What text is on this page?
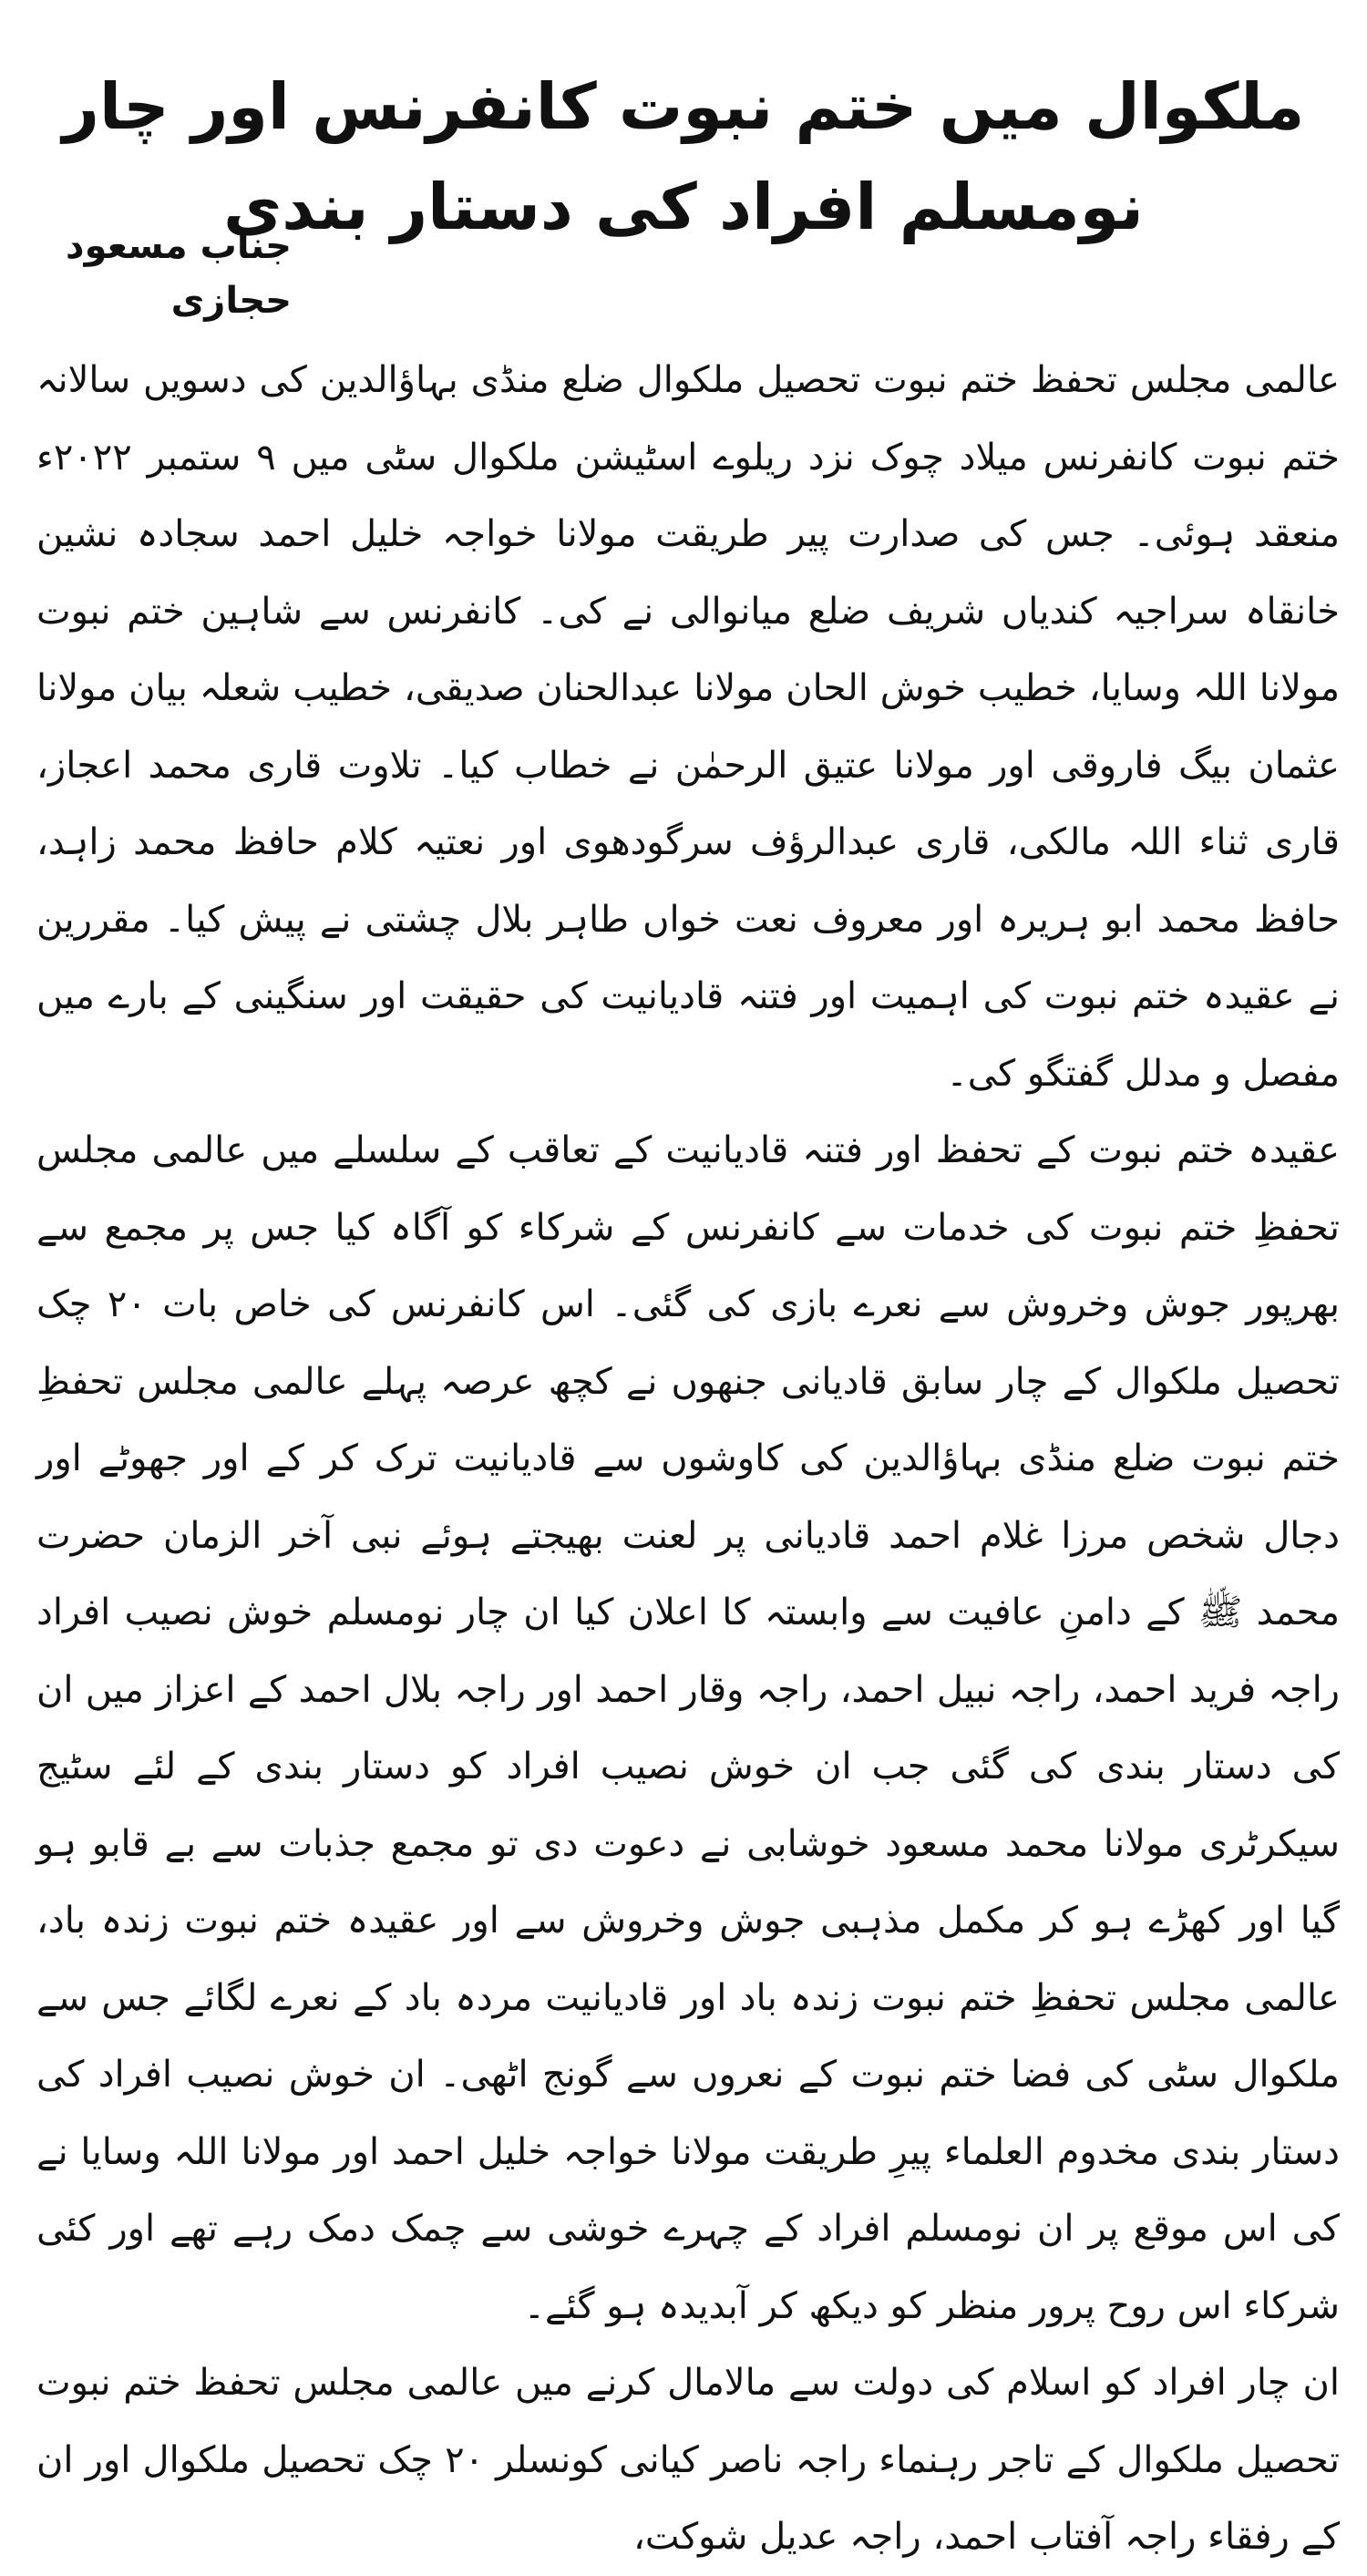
ملکوال میں ختم نبوت کانفرنس اور چار نومسلم افراد کی دستار بندی
جناب مسعود حجازی

عالمی مجلس تحفظ ختم نبوت تحصیل ملکوال ضلع منڈی بہاؤالدین کی دسویں سالانہ ختم نبوت کانفرنس میلاد چوک نزد ریلوے اسٹیشن ملکوال سٹی میں ۹ ستمبر ۲۰۲۲ء منعقد ہوئی۔ جس کی صدارت پیر طریقت مولانا خواجہ خلیل احمد سجادہ نشین خانقاہ سراجیہ کندیاں شریف ضلع میانوالی نے کی۔ کانفرنس سے شاہین ختم نبوت مولانا اللہ وسایا، خطیب خوش الحان مولانا عبدالحنان صدیقی، خطیب شعلہ بیان مولانا عثمان بیگ فاروقی اور مولانا عتیق الرحمٰن نے خطاب کیا۔ تلاوت قاری محمد اعجاز، قاری ثناء اللہ مالکی، قاری عبدالرؤف سرگودھوی اور نعتیہ کلام حافظ محمد زاہد، حافظ محمد ابو ہریرہ اور معروف نعت خواں طاہر بلال چشتی نے پیش کیا۔ مقررین نے عقیدہ ختم نبوت کی اہمیت اور فتنہ قادیانیت کی حقیقت اور سنگینی کے بارے میں مفصل و مدلل گفتگو کی۔

عقیدہ ختم نبوت کے تحفظ اور فتنہ قادیانیت کے تعاقب کے سلسلے میں عالمی مجلس تحفظِ ختم نبوت کی خدمات سے کانفرنس کے شرکاء کو آگاہ کیا جس پر مجمع سے بھرپور جوش وخروش سے نعرے بازی کی گئی۔ اس کانفرنس کی خاص بات ۲۰ چک تحصیل ملکوال کے چار سابق قادیانی جنھوں نے کچھ عرصہ پہلے عالمی مجلس تحفظِ ختم نبوت ضلع منڈی بہاؤالدین کی کاوشوں سے قادیانیت ترک کر کے اور جھوٹے اور دجال شخص مرزا غلام احمد قادیانی پر لعنت بھیجتے ہوئے نبی آخر الزمان حضرت محمد ﷺ کے دامنِ عافیت سے وابستہ کا اعلان کیا ان چار نومسلم خوش نصیب افراد راجہ فرید احمد، راجہ نبیل احمد، راجہ وقار احمد اور راجہ بلال احمد کے اعزاز میں ان کی دستار بندی کی گئی جب ان خوش نصیب افراد کو دستار بندی کے لئے سٹیج سیکرٹری مولانا محمد مسعود خوشابی نے دعوت دی تو مجمع جذبات سے بے قابو ہو گیا اور کھڑے ہو کر مکمل مذہبی جوش وخروش سے اور عقیدہ ختم نبوت زندہ باد، عالمی مجلس تحفظِ ختم نبوت زندہ باد اور قادیانیت مردہ باد کے نعرے لگائے جس سے ملکوال سٹی کی فضا ختم نبوت کے نعروں سے گونج اٹھی۔ ان خوش نصیب افراد کی دستار بندی مخدوم العلماء پیرِ طریقت مولانا خواجہ خلیل احمد اور مولانا اللہ وسایا نے کی اس موقع پر ان نومسلم افراد کے چہرے خوشی سے چمک دمک رہے تھے اور کئی شرکاء اس روح پرور منظر کو دیکھ کر آبدیدہ ہو گئے۔

ان چار افراد کو اسلام کی دولت سے مالامال کرنے میں عالمی مجلس تحفظ ختم نبوت تحصیل ملکوال کے تاجر رہنماء راجہ ناصر کیانی کونسلر ۲۰ چک تحصیل ملکوال اور ان کے رفقاء راجہ آفتاب احمد، راجہ عدیل شوکت،
